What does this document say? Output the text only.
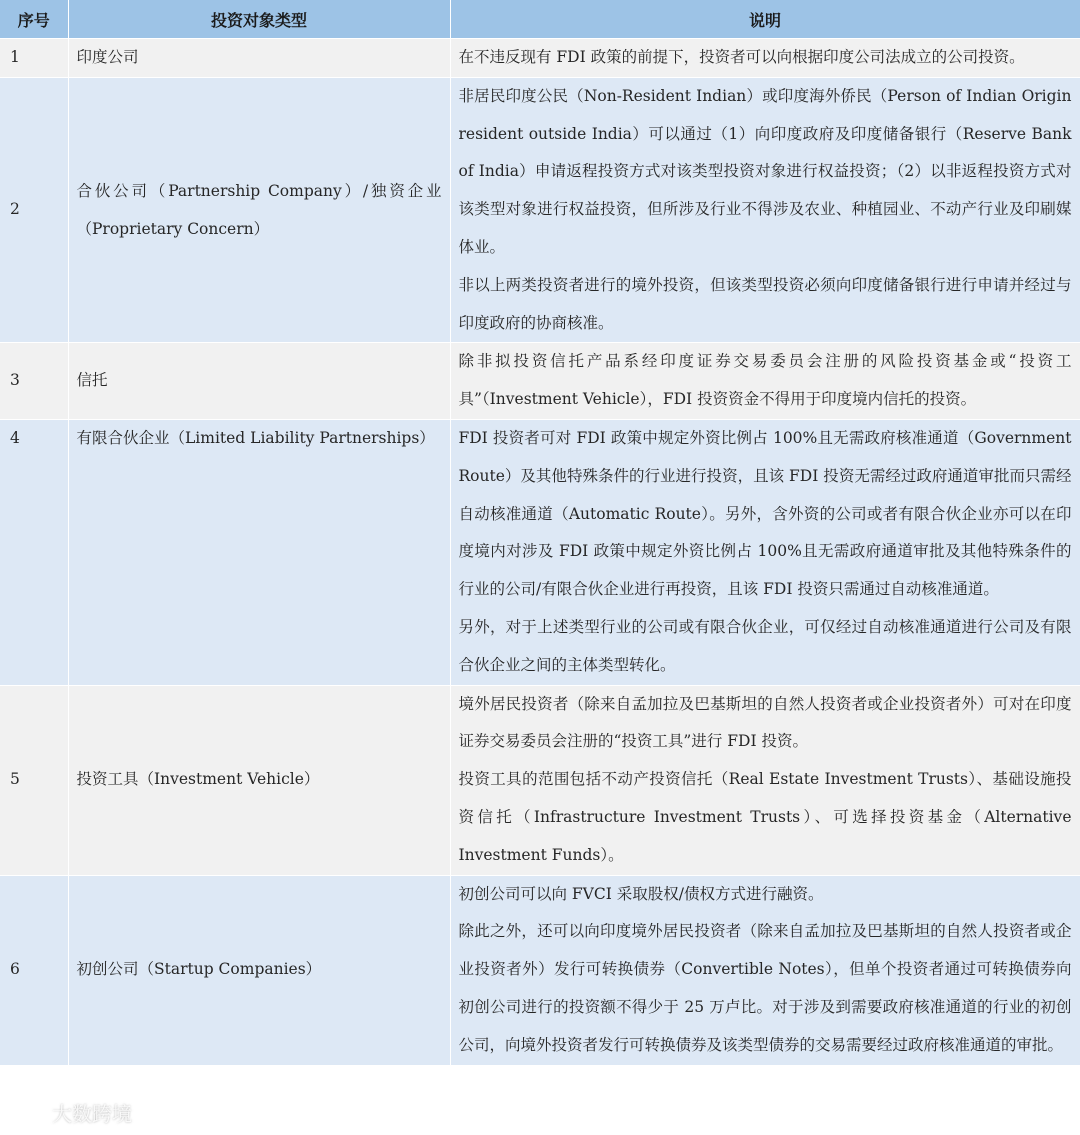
序号	投资对象类型	说明
1	印度公司	在不违反现有 FDI 政策的前提下，投资者可以向根据印度公司法成立的公司投资。

2	合伙公司（Partnership Company）/独资企业（Proprietary Concern）	非居民印度公民（Non-Resident Indian）或印度海外侨民（Person of Indian Origin resident outside India）可以通过（1）向印度政府及印度储备银行（Reserve Bank of India）申请返程投资方式对该类型投资对象进行权益投资；（2）以非返程投资方式对该类型对象进行权益投资，但所涉及行业不得涉及农业、种植园业、不动产行业及印刷媒体业。
非以上两类投资者进行的境外投资，但该类型投资必须向印度储备银行进行申请并经过与印度政府的协商核准。

3	信托	除非拟投资信托产品系经印度证券交易委员会注册的风险投资基金或“投资工具”（Investment Vehicle），FDI 投资资金不得用于印度境内信托的投资。

4	有限合伙企业（Limited Liability Partnerships）	FDI 投资者可对 FDI 政策中规定外资比例占 100%且无需政府核准通道（Government Route）及其他特殊条件的行业进行投资，且该 FDI 投资无需经过政府通道审批而只需经自动核准通道（Automatic Route）。另外，含外资的公司或者有限合伙企业亦可以在印度境内对涉及 FDI 政策中规定外资比例占 100%且无需政府通道审批及其他特殊条件的行业的公司/有限合伙企业进行再投资，且该 FDI 投资只需通过自动核准通道。
另外，对于上述类型行业的公司或有限合伙企业，可仅经过自动核准通道进行公司及有限合伙企业之间的主体类型转化。

5	投资工具（Investment Vehicle）	境外居民投资者（除来自孟加拉及巴基斯坦的自然人投资者或企业投资者外）可对在印度证券交易委员会注册的“投资工具”进行 FDI 投资。
投资工具的范围包括不动产投资信托（Real Estate Investment Trusts）、基础设施投资信托（Infrastructure Investment Trusts）、可选择投资基金（Alternative Investment Funds）。

6	初创公司（Startup Companies）	初创公司可以向 FVCI 采取股权/债权方式进行融资。
除此之外，还可以向印度境外居民投资者（除来自孟加拉及巴基斯坦的自然人投资者或企业投资者外）发行可转换债券（Convertible Notes），但单个投资者通过可转换债券向初创公司进行的投资额不得少于 25 万卢比。对于涉及到需要政府核准通道的行业的初创公司，向境外投资者发行可转换债券及该类型债券的交易需要经过政府核准通道的审批。
大数跨境
